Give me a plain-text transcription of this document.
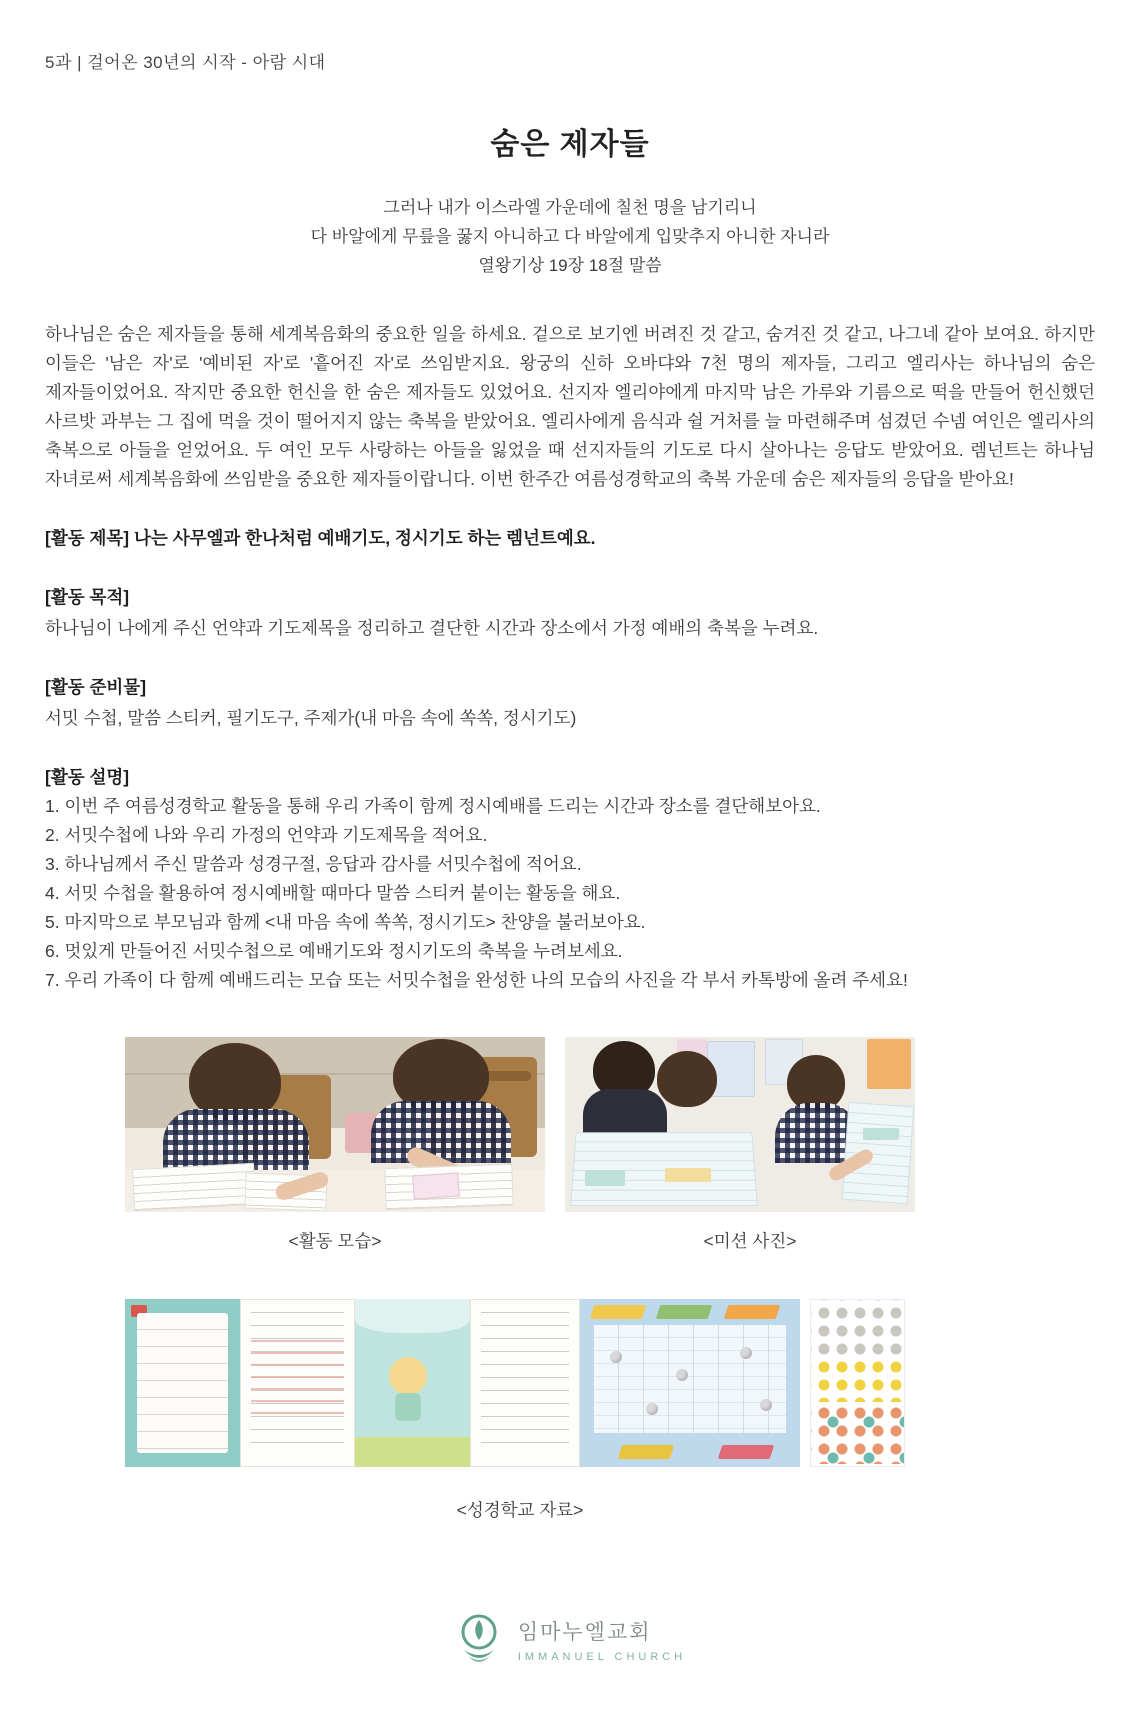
5과 | 걸어온 30년의 시작 - 아람 시대
숨은 제자들
그러나 내가 이스라엘 가운데에 칠천 명을 남기리니
다 바알에게 무릎을 꿇지 아니하고 다 바알에게 입맞추지 아니한 자니라
열왕기상 19장 18절 말씀

하나님은 숨은 제자들을 통해 세계복음화의 중요한 일을 하세요. 겉으로 보기엔 버려진 것 같고, 숨겨진 것 같고, 나그네 같아 보여요. 하지만 이들은 '남은 자'로 '예비된 자'로 '흩어진 자'로 쓰임받지요. 왕궁의 신하 오바댜와 7천 명의 제자들, 그리고 엘리사는 하나님의 숨은 제자들이었어요. 작지만 중요한 헌신을 한 숨은 제자들도 있었어요. 선지자 엘리야에게 마지막 남은 가루와 기름으로 떡을 만들어 헌신했던 사르밧 과부는 그 집에 먹을 것이 떨어지지 않는 축복을 받았어요. 엘리사에게 음식과 쉴 거처를 늘 마련해주며 섬겼던 수넴 여인은 엘리사의 축복으로 아들을 얻었어요. 두 여인 모두 사랑하는 아들을 잃었을 때 선지자들의 기도로 다시 살아나는 응답도 받았어요. 렘넌트는 하나님 자녀로써 세계복음화에 쓰임받을 중요한 제자들이랍니다. 이번 한주간 여름성경학교의 축복 가운데 숨은 제자들의 응답을 받아요!

[활동 제목] 나는 사무엘과 한나처럼 예배기도, 정시기도 하는 렘넌트예요.
[활동 목적]
하나님이 나에게 주신 언약과 기도제목을 정리하고 결단한 시간과 장소에서 가정 예배의 축복을 누려요.
[활동 준비물]
서밋 수첩, 말씀 스티커, 필기도구, 주제가(내 마음 속에 쏙쏙, 정시기도)
[활동 설명]
1. 이번 주 여름성경학교 활동을 통해 우리 가족이 함께 정시예배를 드리는 시간과 장소를 결단해보아요.
2. 서밋수첩에 나와 우리 가정의 언약과 기도제목을 적어요.
3. 하나님께서 주신 말씀과 성경구절, 응답과 감사를 서밋수첩에 적어요.
4. 서밋 수첩을 활용하여 정시예배할 때마다 말씀 스티커 붙이는 활동을 해요.
5. 마지막으로 부모님과 함께 <내 마음 속에 쏙쏙, 정시기도> 찬양을 불러보아요.
6. 멋있게 만들어진 서밋수첩으로 예배기도와 정시기도의 축복을 누려보세요.
7. 우리 가족이 다 함께 예배드리는 모습 또는 서밋수첩을 완성한 나의 모습의 사진을 각 부서 카톡방에 올려 주세요!
<활동 모습>	<미션 사진>
<성경학교 자료>
임마누엘교회
IMMANUEL CHURCH
